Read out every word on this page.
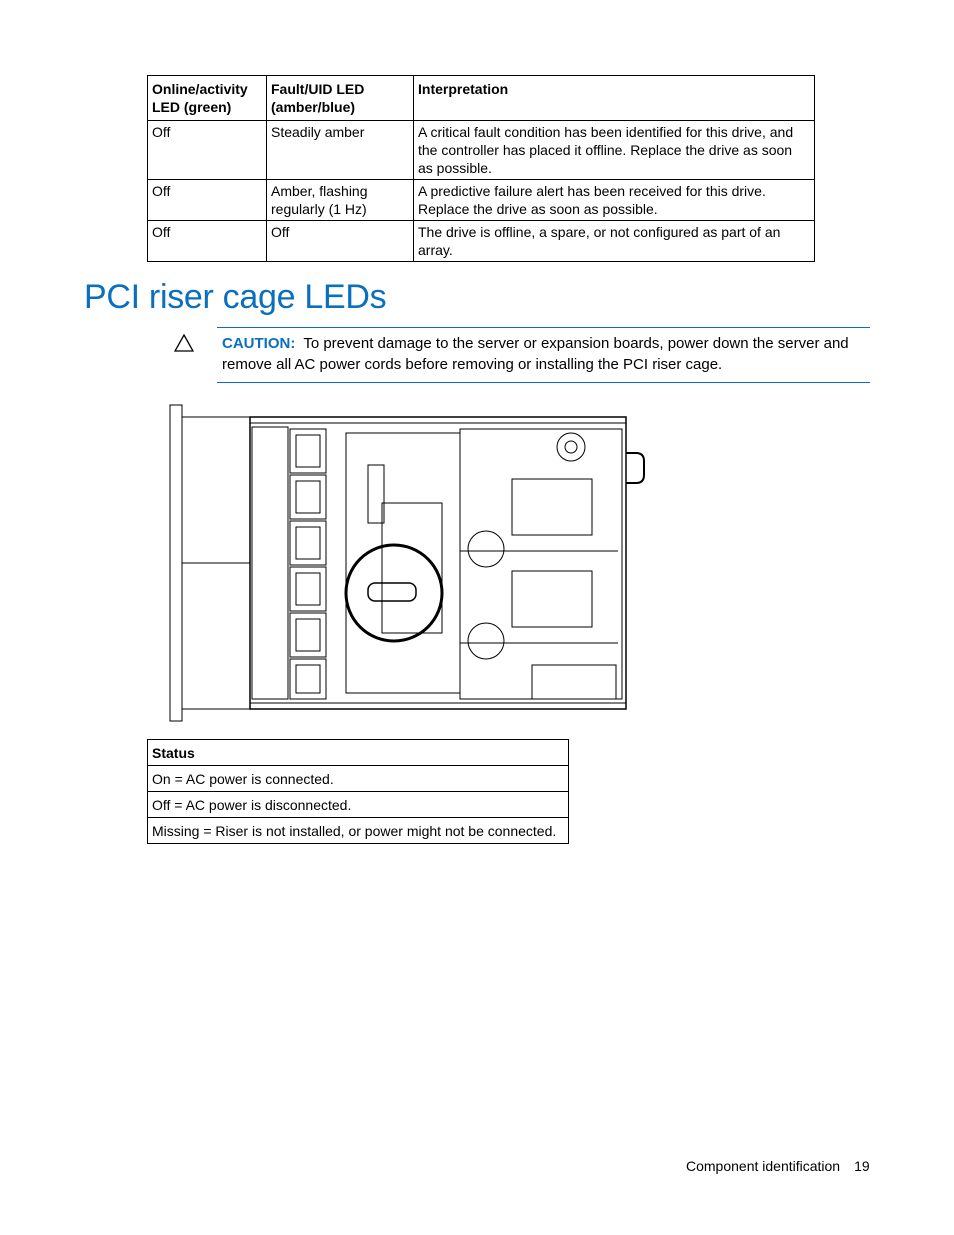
Online/activity LED (green)	Fault/UID LED (amber/blue)	Interpretation
Off	Steadily amber	A critical fault condition has been identified for this drive, and the controller has placed it offline. Replace the drive as soon as possible.
Off	Amber, flashing regularly (1 Hz)	A predictive failure alert has been received for this drive. Replace the drive as soon as possible.
Off	Off	The drive is offline, a spare, or not configured as part of an array.
PCI riser cage LEDs
CAUTION: To prevent damage to the server or expansion boards, power down the server and remove all AC power cords before removing or installing the PCI riser cage.
Status
On = AC power is connected.
Off = AC power is disconnected.
Missing = Riser is not installed, or power might not be connected.
Component identification 19
